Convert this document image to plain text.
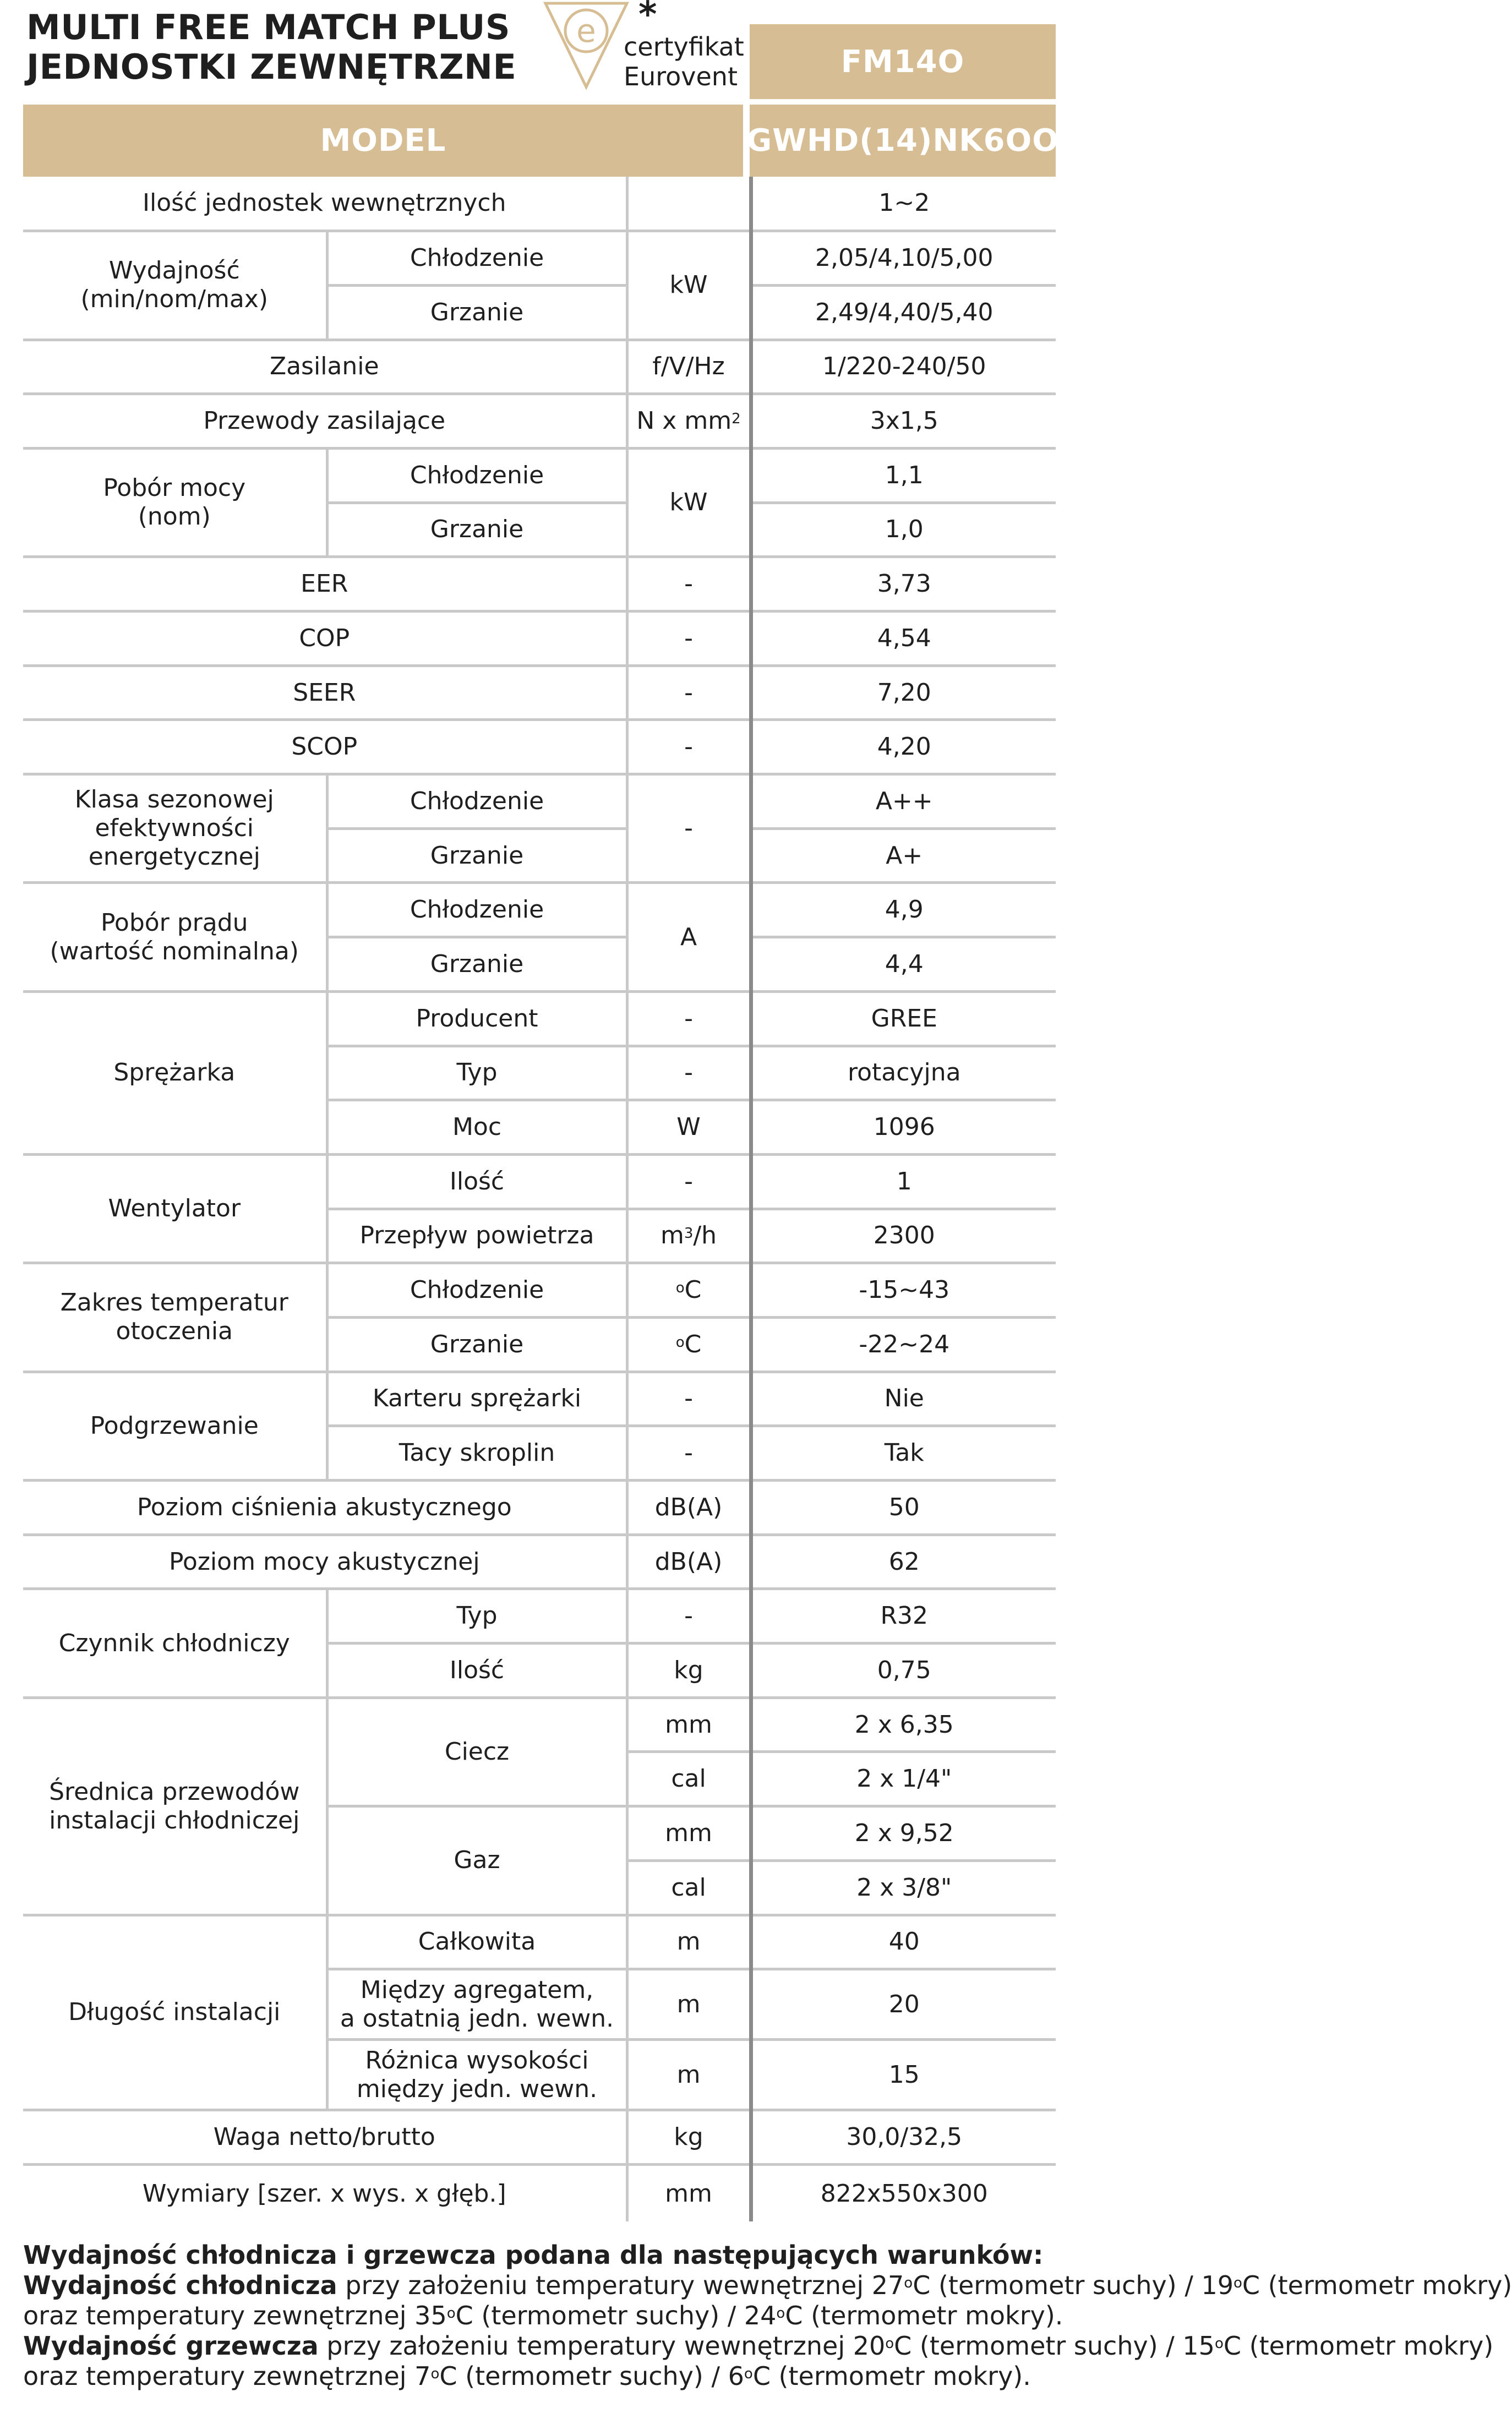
MULTI FREE MATCH PLUS
JEDNOSTKI ZEWNĘTRZNE
e *
certyfikat
Eurovent	FM14O
MODEL	GWHD(14)NK6OO
Ilość jednostek wewnętrznych			1~2
Wydajność
(min/nom/max)	Chłodzenie	kW	2,05/4,10/5,00
	Grzanie		2,49/4,40/5,40
Zasilanie		f/V/Hz	1/220-240/50
Przewody zasilające		N x $mm^2$	3x1,5
Pobór mocy
(nom)	Chłodzenie	kW	1,1
	Grzanie		1,0
EER		-	3,73
COP		-	4,54
SEER		-	7,20
SCOP		-	4,20
Klasa sezonowej
efektywności
energetycznej	Chłodzenie	-	A++
	Grzanie		A+
Pobór prądu
(wartość nominalna)	Chłodzenie	A	4,9
	Grzanie		4,4
Sprężarka	Producent	-	GREE
	Typ	-	rotacyjna
	Moc	W	1096
Wentylator	Ilość	-	1
	Przepływ powietrza	$m^3/h$	2300
Zakres temperatur
otoczenia	Chłodzenie	$^o$C	-15~43
	Grzanie	$^o$C	-22~24
Podgrzewanie	Karteru sprężarki	-	Nie
	Tacy skroplin	-	Tak
Poziom ciśnienia akustycznego		dB(A)	50
Poziom mocy akustycznej		dB(A)	62
Czynnik chłodniczy	Typ	-	R32
	Ilość	kg	0,75
Średnica przewodów
instalacji chłodniczej	Ciecz	mm	2 x 6,35
		cal	2 x 1/4"
	Gaz	mm	2 x 9,52
		cal	2 x 3/8"
Długość instalacji	Całkowita	m	40
	Między agregatem,
a ostatnią jedn. wewn.	m	20
	Różnica wysokości
między jedn. wewn.	m	15
Waga netto/brutto		kg	30,0/32,5
Wymiary [szer. x wys. x głęb.]		mm	822x550x300
Wydajność chłodnicza i grzewcza podana dla następujących warunków:
Wydajność chłodnicza przy założeniu temperatury wewnętrznej 27$^o$C (termometr suchy) / 19$^o$C (termometr mokry)
oraz temperatury zewnętrznej 35$^o$C (termometr suchy) / 24$^o$C (termometr mokry).
Wydajność grzewcza przy założeniu temperatury wewnętrznej 20$^o$C (termometr suchy) / 15$^o$C (termometr mokry)
oraz temperatury zewnętrznej 7$^o$C (termometr suchy) / 6$^o$C (termometr mokry).
